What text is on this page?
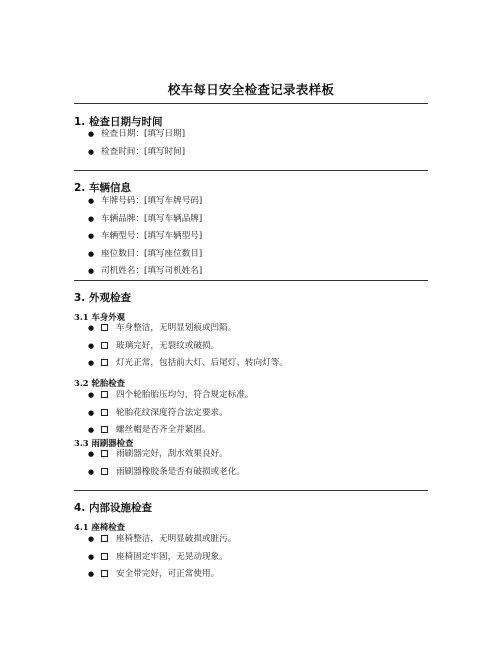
校车每日安全检查记录表样板
1. 检查日期与时间
● 检查日期：[填写日期]
● 检查时间：[填写时间]
2. 车辆信息
● 车牌号码：[填写车牌号码]
● 车辆品牌：[填写车辆品牌]
● 车辆型号：[填写车辆型号]
● 座位数目：[填写座位数目]
● 司机姓名：[填写司机姓名]
3. 外观检查
3.1 车身外观
●	车身整洁，无明显划痕或凹陷。
●	玻璃完好，无裂纹或破损。
●	灯光正常，包括前大灯、后尾灯、转向灯等。
3.2 轮胎检查
●	四个轮胎胎压均匀，符合规定标准。
●	轮胎花纹深度符合法定要求。
●	螺丝帽是否齐全并紧固。
3.3 雨刷器检查
●	雨刷器完好，刮水效果良好。
●	雨刷器橡胶条是否有破损或老化。
4. 内部设施检查
4.1 座椅检查
●	座椅整洁，无明显破损或脏污。
●	座椅固定牢固，无晃动现象。
●	安全带完好，可正常使用。
